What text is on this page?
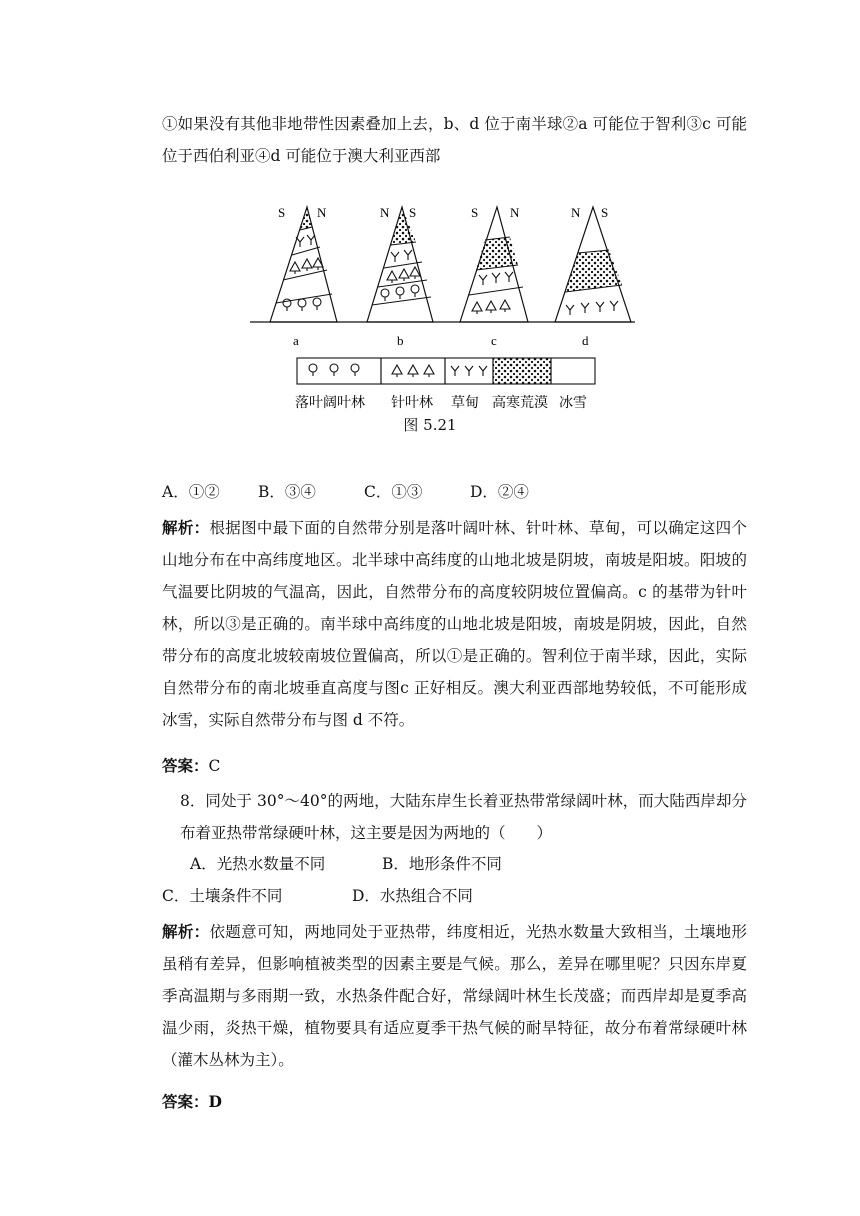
①如果没有其他非地带性因素叠加上去，b、d 位于南半球②a 可能位于智利③c 可能位于西伯利亚④d 可能位于澳大利亚西部

S N
a
N S
b
S N
c
N S
d
落叶阔叶林 针叶林 草甸 高寒荒漠 冰雪
图 5.21
A．①② B．③④	C．①③	D．②④

解析：根据图中最下面的自然带分别是落叶阔叶林、针叶林、草甸，可以确定这四个山地分布在中高纬度地区。北半球中高纬度的山地北坡是阴坡，南坡是阳坡。阳坡的气温要比阴坡的气温高，因此，自然带分布的高度较阴坡位置偏高。c 的基带为针叶林，所以③是正确的。南半球中高纬度的山地北坡是阳坡，南坡是阴坡，因此，自然带分布的高度北坡较南坡位置偏高，所以①是正确的。智利位于南半球，因此，实际自然带分布的南北坡垂直高度与图c 正好相反。澳大利亚西部地势较低，不可能形成冰雪，实际自然带分布与图 d 不符。

答案：C

8．同处于 30°～40°的两地，大陆东岸生长着亚热带常绿阔叶林，而大陆西岸却分布着亚热带常绿硬叶林，这主要是因为两地的（　　）

A．光热水数量不同	B．地形条件不同
C．土壤条件不同	D．水热组合不同

解析：依题意可知，两地同处于亚热带，纬度相近，光热水数量大致相当，土壤地形虽稍有差异，但影响植被类型的因素主要是气候。那么，差异在哪里呢？只因东岸夏季高温期与多雨期一致，水热条件配合好，常绿阔叶林生长茂盛；而西岸却是夏季高温少雨，炎热干燥，植物要具有适应夏季干热气候的耐旱特征，故分布着常绿硬叶林（灌木丛林为主）。

答案：D
